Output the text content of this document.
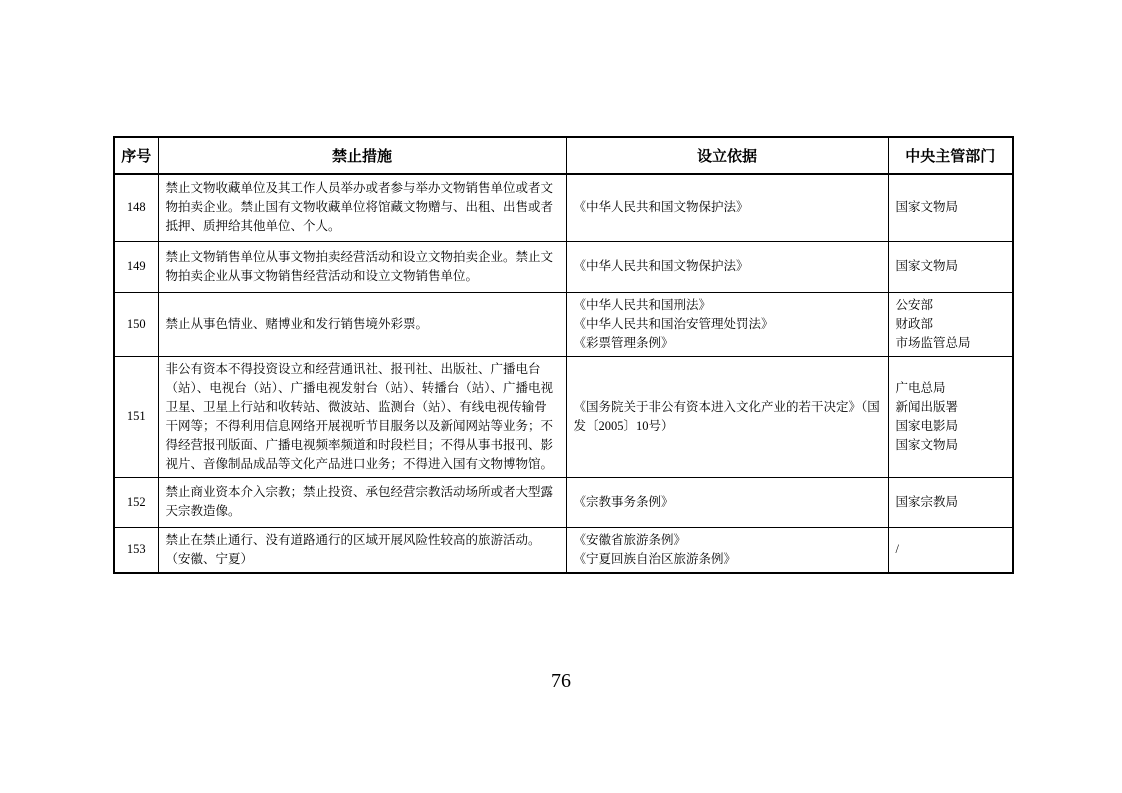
序号	禁止措施	设立依据	中央主管部门
148	禁止文物收藏单位及其工作人员举办或者参与举办文物销售单位或者文物拍卖企业。禁止国有文物收藏单位将馆藏文物赠与、出租、出售或者抵押、质押给其他单位、个人。	《中华人民共和国文物保护法》	国家文物局

149	禁止文物销售单位从事文物拍卖经营活动和设立文物拍卖企业。禁止文物拍卖企业从事文物销售经营活动和设立文物销售单位。	《中华人民共和国文物保护法》	国家文物局

150	禁止从事色情业、赌博业和发行销售境外彩票。	《中华人民共和国刑法》
《中华人民共和国治安管理处罚法》
《彩票管理条例》	公安部
财政部
市场监管总局

151	非公有资本不得投资设立和经营通讯社、报刊社、出版社、广播电台（站）、电视台（站）、广播电视发射台（站）、转播台（站）、广播电视卫星、卫星上行站和收转站、微波站、监测台（站）、有线电视传输骨干网等；不得利用信息网络开展视听节目服务以及新闻网站等业务；不得经营报刊版面、广播电视频率频道和时段栏目；不得从事书报刊、影视片、音像制品成品等文化产品进口业务；不得进入国有文物博物馆。	《国务院关于非公有资本进入文化产业的若干决定》（国发〔2005〕10号）	广电总局
新闻出版署
国家电影局
国家文物局

152	禁止商业资本介入宗教；禁止投资、承包经营宗教活动场所或者大型露天宗教造像。	《宗教事务条例》	国家宗教局

153	禁止在禁止通行、没有道路通行的区域开展风险性较高的旅游活动。（安徽、宁夏）	《安徽省旅游条例》
《宁夏回族自治区旅游条例》	/
76
